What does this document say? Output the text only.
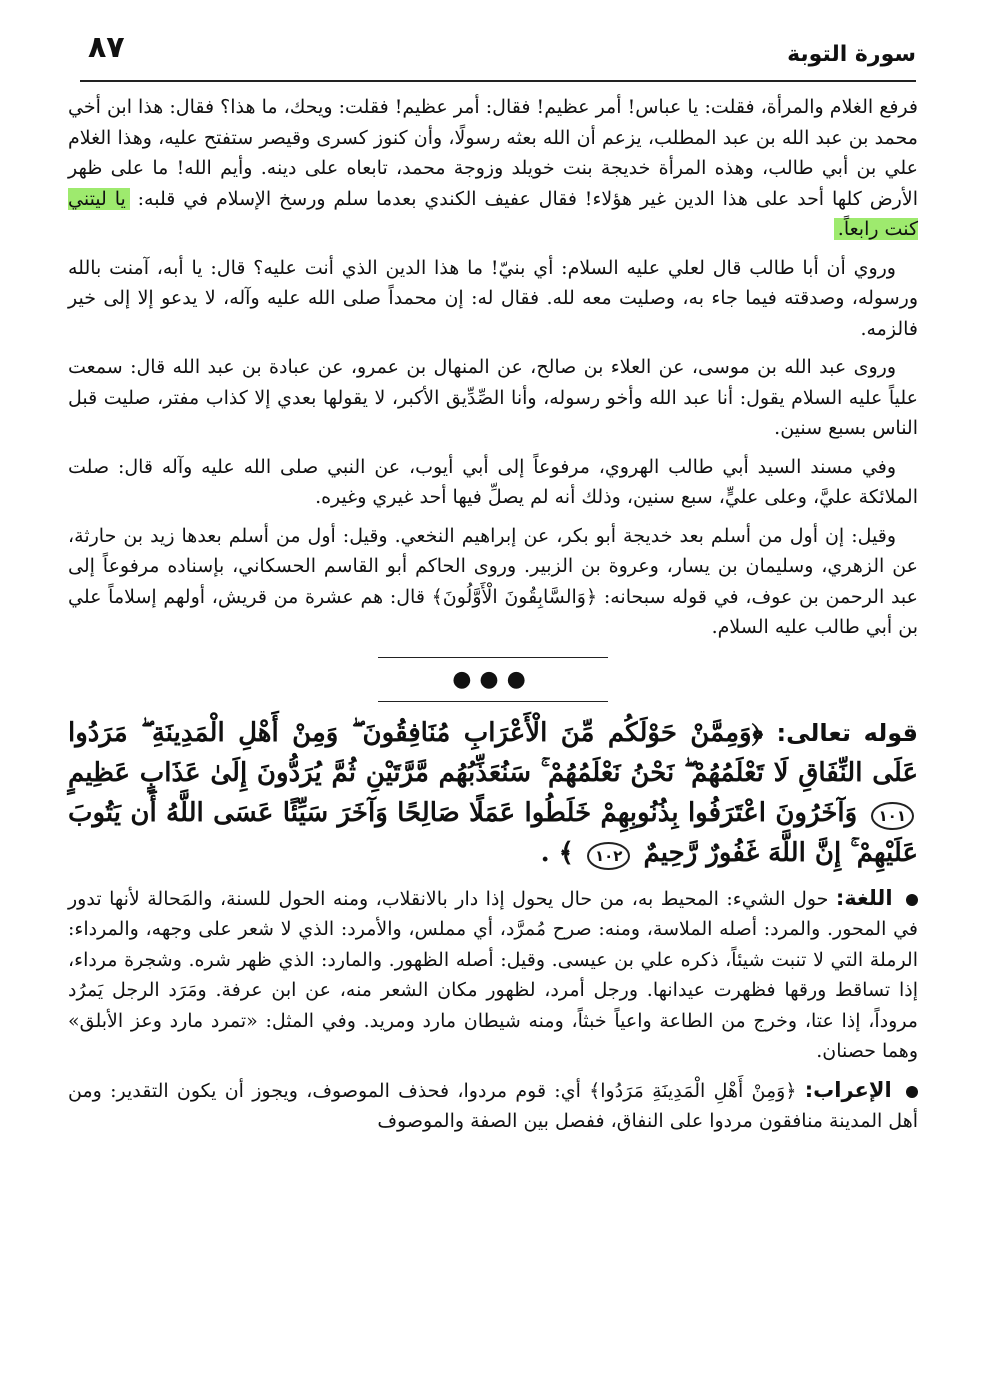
٨٧	سورة التوبة

فرفع الغلام والمرأة، فقلت: يا عباس! أمر عظيم! فقال: أمر عظيم! فقلت: ويحك، ما هذا؟ فقال: هذا ابن أخي محمد بن عبد الله بن عبد المطلب، يزعم أن الله بعثه رسولًا، وأن كنوز كسرى وقيصر ستفتح عليه، وهذا الغلام علي بن أبي طالب، وهذه المرأة خديجة بنت خويلد وزوجة محمد، تابعاه على دينه. وأيم الله! ما على ظهر الأرض كلها أحد على هذا الدين غير هؤلاء! فقال عفيف الكندي بعدما سلم ورسخ الإسلام في قلبه: يا ليتني كنت رابعاً.

وروي أن أبا طالب قال لعلي عليه السلام: أي بنيّ! ما هذا الدين الذي أنت عليه؟ قال: يا أبه، آمنت بالله ورسوله، وصدقته فيما جاء به، وصليت معه لله. فقال له: إن محمداً صلى الله عليه وآله، لا يدعو إلا إلى خير فالزمه.

وروى عبد الله بن موسى، عن العلاء بن صالح، عن المنهال بن عمرو، عن عبادة بن عبد الله قال: سمعت علياً عليه السلام يقول: أنا عبد الله وأخو رسوله، وأنا الصِّدِّيق الأكبر، لا يقولها بعدي إلا كذاب مفتر، صليت قبل الناس بسبع سنين.

وفي مسند السيد أبي طالب الهروي، مرفوعاً إلى أبي أيوب، عن النبي صلى الله عليه وآله قال: صلت الملائكة عليَّ، وعلى عليٍّ، سبع سنين، وذلك أنه لم يصلِّ فيها أحد غيري وغيره.

وقيل: إن أول من أسلم بعد خديجة أبو بكر، عن إبراهيم النخعي. وقيل: أول من أسلم بعدها زيد بن حارثة، عن الزهري، وسليمان بن يسار، وعروة بن الزبير. وروى الحاكم أبو القاسم الحسكاني، بإسناده مرفوعاً إلى عبد الرحمن بن عوف، في قوله سبحانه: ﴿وَالسَّابِقُونَ الْأَوَّلُونَ﴾ قال: هم عشرة من قريش، أولهم إسلاماً علي بن أبي طالب عليه السلام.

●●●
قوله تعالى: ﴿وَمِمَّنْ حَوْلَكُم مِّنَ الْأَعْرَابِ مُنَافِقُونَ ۖ وَمِنْ أَهْلِ الْمَدِينَةِ ۖ مَرَدُوا عَلَى النِّفَاقِ لَا تَعْلَمُهُمْ ۖ نَحْنُ نَعْلَمُهُمْ ۚ سَنُعَذِّبُهُم مَّرَّتَيْنِ ثُمَّ يُرَدُّونَ إِلَىٰ عَذَابٍ عَظِيمٍ ١٠١ وَآخَرُونَ اعْتَرَفُوا بِذُنُوبِهِمْ خَلَطُوا عَمَلًا صَالِحًا وَآخَرَ سَيِّئًا عَسَى اللَّهُ أَن يَتُوبَ عَلَيْهِمْ ۚ إِنَّ اللَّهَ غَفُورٌ رَّحِيمٌ ١٠٢ ﴾ .

اللغة: حول الشيء: المحيط به، من حال يحول إذا دار بالانقلاب، ومنه الحول للسنة، والمَحالة لأنها تدور في المحور. والمرد: أصله الملاسة، ومنه: صرح مُمرَّد، أي مملس، والأمرد: الذي لا شعر على وجهه، والمرداء: الرملة التي لا تنبت شيئاً، ذكره علي بن عيسى. وقيل: أصله الظهور. والمارد: الذي ظهر شره. وشجرة مرداء، إذا تساقط ورقها فظهرت عيدانها. ورجل أمرد، لظهور مكان الشعر منه، عن ابن عرفة. ومَرَد الرجل يَمرُد مروداً، إذا عتا، وخرج من الطاعة واعياً خبثاً، ومنه شيطان مارد ومريد. وفي المثل: «تمرد مارد وعز الأبلق» وهما حصنان.

الإعراب: ﴿وَمِنْ أَهْلِ الْمَدِينَةِ مَرَدُوا﴾ أي: قوم مردوا، فحذف الموصوف، ويجوز أن يكون التقدير: ومن أهل المدينة منافقون مردوا على النفاق، ففصل بين الصفة والموصوف
